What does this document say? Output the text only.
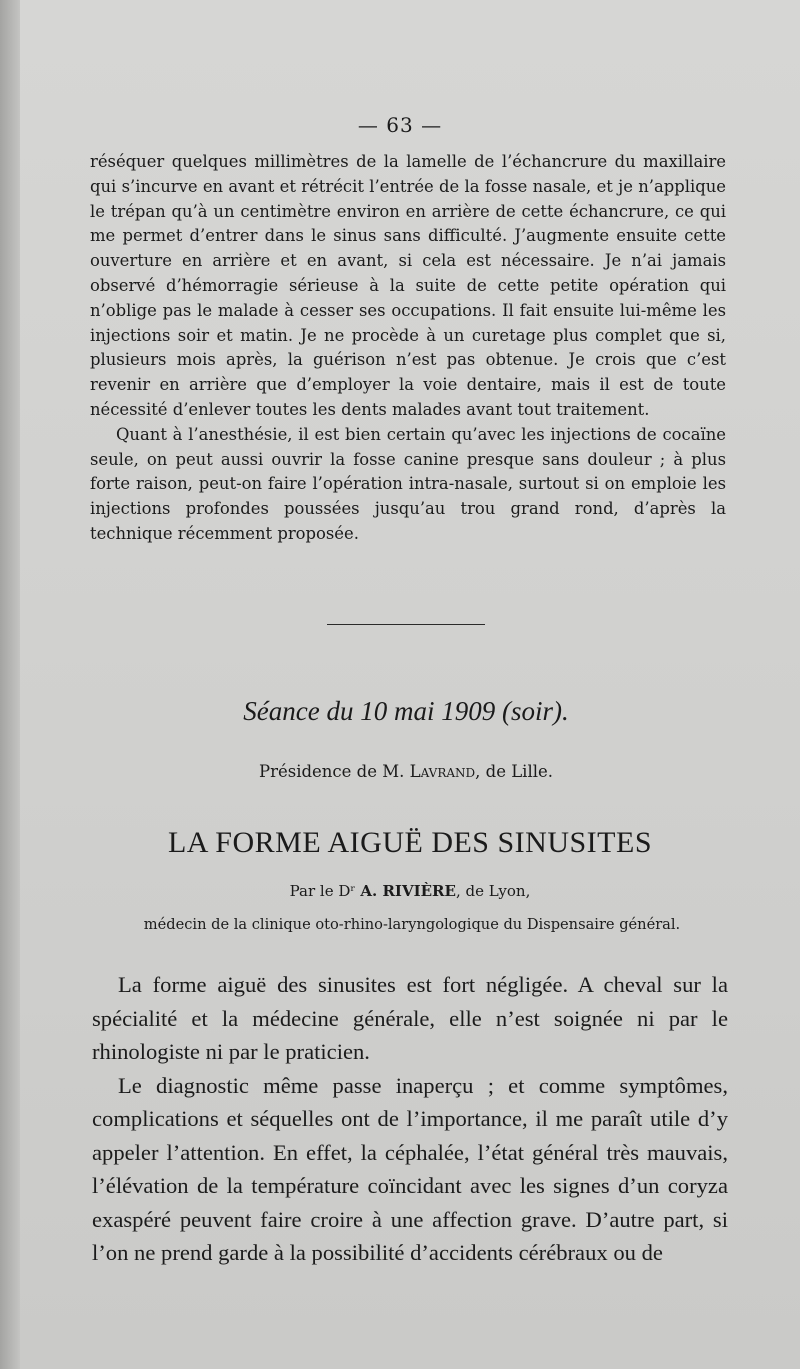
— 63 —

réséquer quelques millimètres de la lamelle de l’échancrure du maxillaire qui s’incurve en avant et rétrécit l’entrée de la fosse nasale, et je n’applique le trépan qu’à un centimètre environ en arrière de cette échancrure, ce qui me permet d’entrer dans le sinus sans difficulté. J’augmente ensuite cette ouverture en arrière et en avant, si cela est nécessaire. Je n’ai jamais observé d’hémorragie sérieuse à la suite de cette petite opération qui n’oblige pas le malade à cesser ses occupations. Il fait ensuite lui-même les injections soir et matin. Je ne procède à un curetage plus complet que si, plusieurs mois après, la guérison n’est pas obtenue. Je crois que c’est revenir en arrière que d’employer la voie dentaire, mais il est de toute nécessité d’enlever toutes les dents malades avant tout traitement.

Quant à l’anesthésie, il est bien certain qu’avec les injections de cocaïne seule, on peut aussi ouvrir la fosse canine presque sans douleur ; à plus forte raison, peut-on faire l’opération intra-nasale, surtout si on emploie les injections profondes poussées jusqu’au trou grand rond, d’après la technique récemment proposée.

Séance du 10 mai 1909 (soir).
Présidence de M. Lavrand, de Lille.
LA FORME AIGUË DES SINUSITES
Par le Dʳ A. RIVIÈRE, de Lyon,
médecin de la clinique oto-rhino-laryngologique du Dispensaire général.

La forme aiguë des sinusites est fort négligée. A cheval sur la spécialité et la médecine générale, elle n’est soignée ni par le rhinologiste ni par le praticien.

Le diagnostic même passe inaperçu ; et comme symptômes, complications et séquelles ont de l’importance, il me paraît utile d’y appeler l’attention. En effet, la céphalée, l’état général très mauvais, l’élévation de la température coïncidant avec les signes d’un coryza exaspéré peuvent faire croire à une affection grave. D’autre part, si l’on ne prend garde à la possibilité d’accidents cérébraux ou de
